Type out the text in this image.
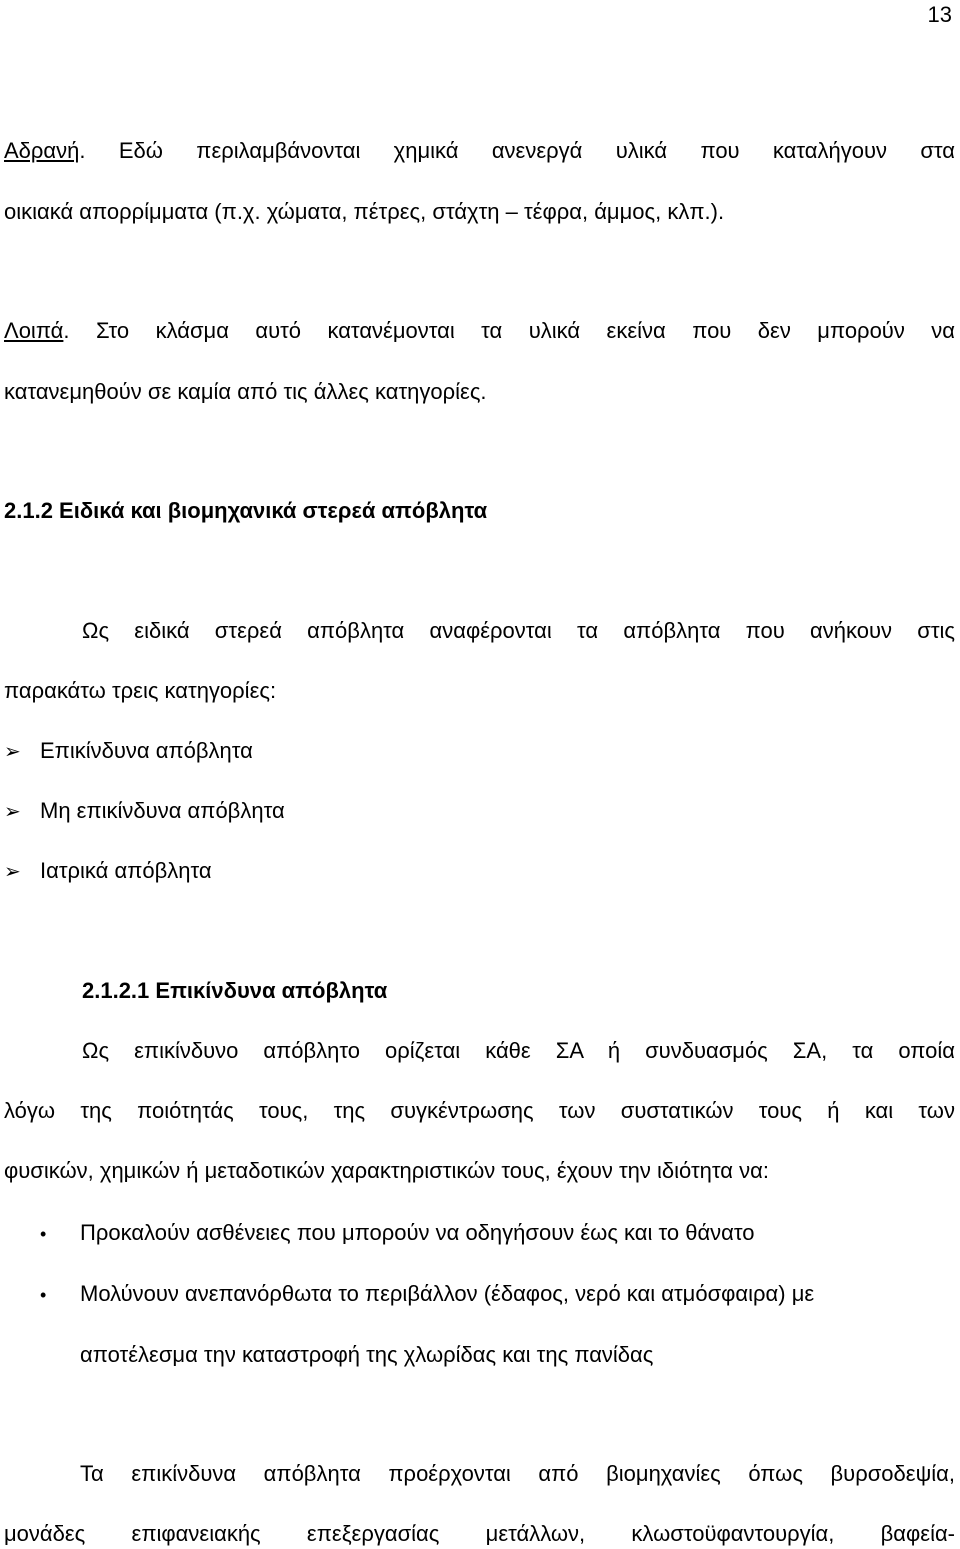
13
Αδρανή. Εδώ περιλαμβάνονται χημικά ανενεργά υλικά που καταλήγουν στα
οικιακά απορρίμματα (π.χ. χώματα, πέτρες, στάχτη – τέφρα, άμμος, κλπ.).
Λοιπά. Στο κλάσμα αυτό κατανέμονται τα υλικά εκείνα που δεν μπορούν να
κατανεμηθούν σε καμία από τις άλλες κατηγορίες.
2.1.2 Ειδικά και βιομηχανικά στερεά απόβλητα
Ως ειδικά στερεά απόβλητα αναφέρονται τα απόβλητα που ανήκουν στις
παρακάτω τρεις κατηγορίες:
➢ Επικίνδυνα απόβλητα
➢ Μη επικίνδυνα απόβλητα
➢ Ιατρικά απόβλητα
2.1.2.1 Επικίνδυνα απόβλητα
Ως επικίνδυνο απόβλητο ορίζεται κάθε ΣΑ ή συνδυασμός ΣΑ, τα οποία
λόγω της ποιότητάς τους, της συγκέντρωσης των συστατικών τους ή και των
φυσικών, χημικών ή μεταδοτικών χαρακτηριστικών τους, έχουν την ιδιότητα να:
• Προκαλούν ασθένειες που μπορούν να οδηγήσουν έως και το θάνατο
• Μολύνουν ανεπανόρθωτα το περιβάλλον (έδαφος, νερό και ατμόσφαιρα) με
αποτέλεσμα την καταστροφή της χλωρίδας και της πανίδας
Τα επικίνδυνα απόβλητα προέρχονται από βιομηχανίες όπως βυρσοδεψία,
μονάδες επιφανειακής επεξεργασίας μετάλλων, κλωστοϋφαντουργία, βαφεία-
